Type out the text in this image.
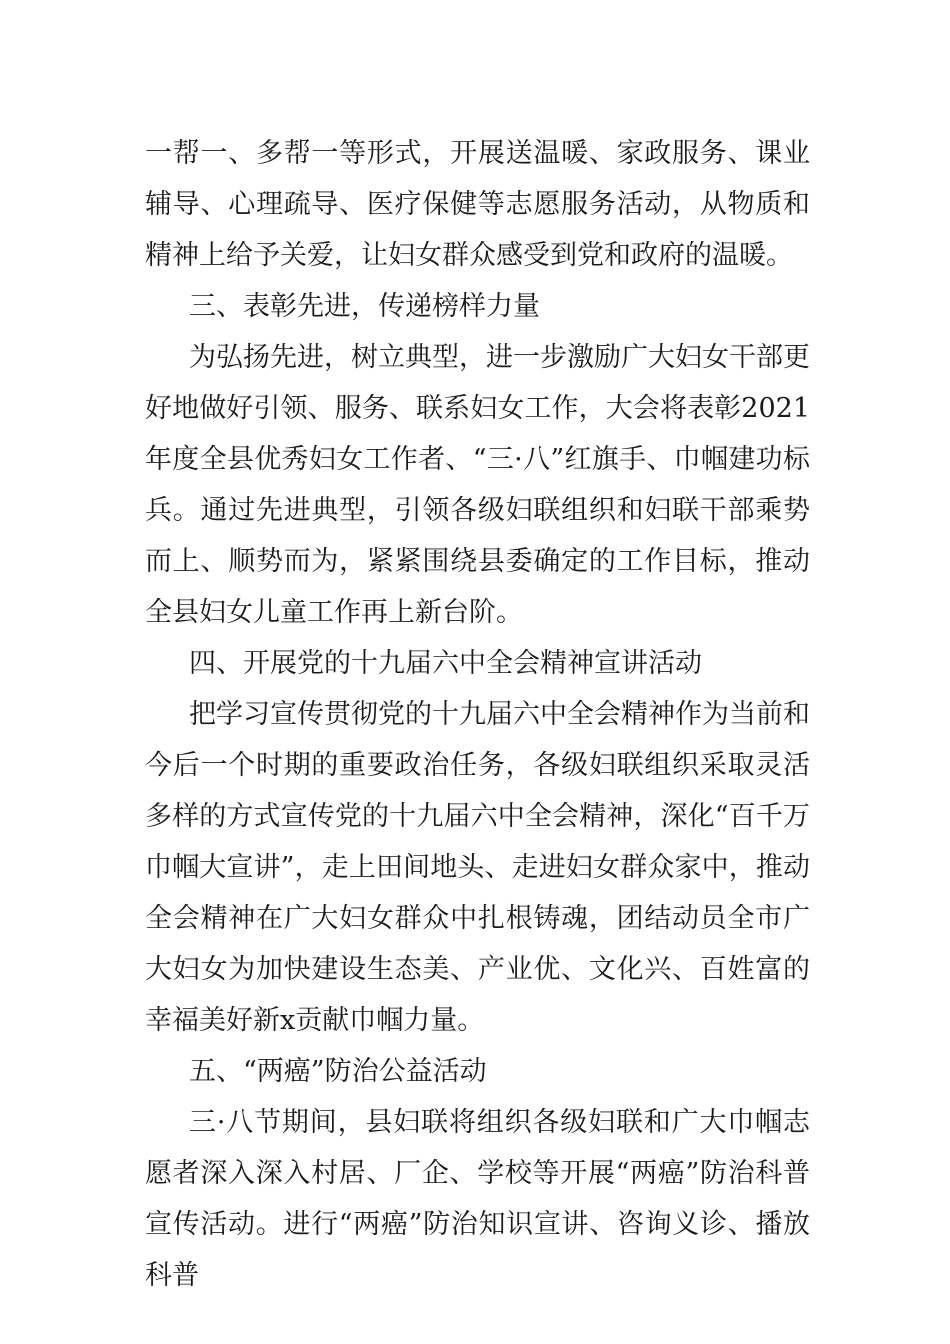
一帮一、多帮一等形式，开展送温暖、家政服务、课业辅导、心理疏导、医疗保健等志愿服务活动，从物质和精神上给予关爱，让妇女群众感受到党和政府的温暖。

三、表彰先进，传递榜样力量

为弘扬先进，树立典型，进一步激励广大妇女干部更好地做好引领、服务、联系妇女工作，大会将表彰2021年度全县优秀妇女工作者、“三·八”红旗手、巾帼建功标兵。通过先进典型，引领各级妇联组织和妇联干部乘势而上、顺势而为，紧紧围绕县委确定的工作目标，推动全县妇女儿童工作再上新台阶。

四、开展党的十九届六中全会精神宣讲活动

把学习宣传贯彻党的十九届六中全会精神作为当前和今后一个时期的重要政治任务，各级妇联组织采取灵活多样的方式宣传党的十九届六中全会精神，深化“百千万巾帼大宣讲”，走上田间地头、走进妇女群众家中，推动全会精神在广大妇女群众中扎根铸魂，团结动员全市广大妇女为加快建设生态美、产业优、文化兴、百姓富的幸福美好新x贡献巾帼力量。

五、“两癌”防治公益活动

三·八节期间，县妇联将组织各级妇联和广大巾帼志愿者深入深入村居、厂企、学校等开展“两癌”防治科普宣传活动。进行“两癌”防治知识宣讲、咨询义诊、播放科普
